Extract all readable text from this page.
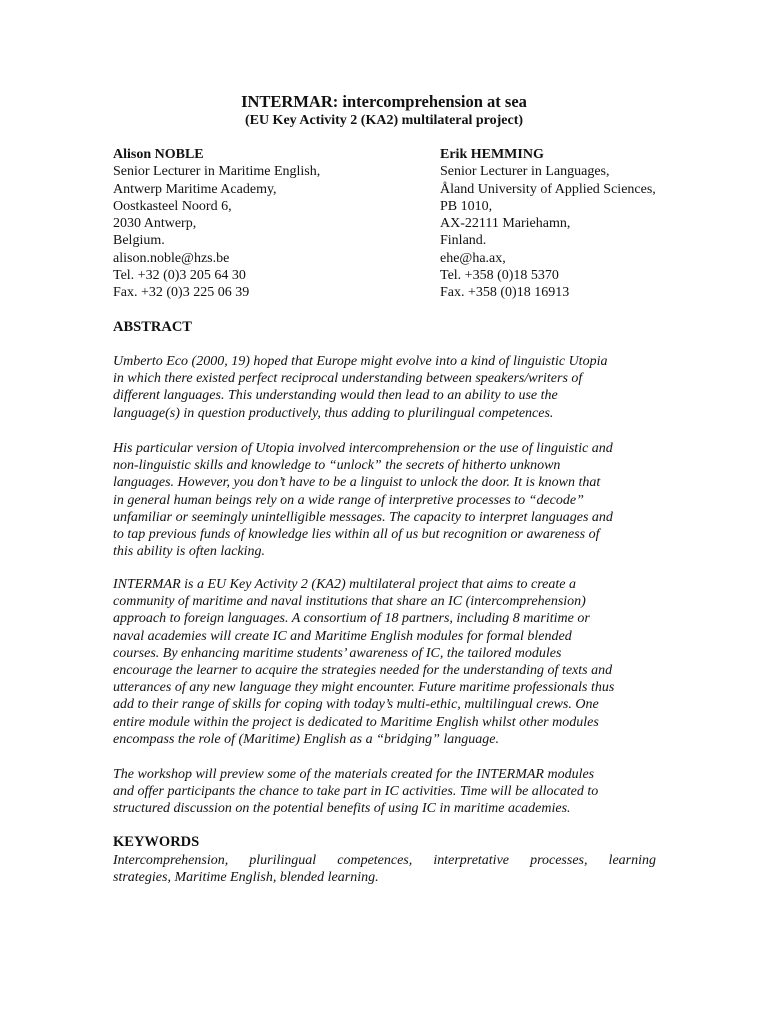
INTERMAR: intercomprehension at sea
(EU Key Activity 2 (KA2) multilateral project)
Alison NOBLE
Senior Lecturer in Maritime English,
Antwerp Maritime Academy,
Oostkasteel Noord 6,
2030 Antwerp,
Belgium.
alison.noble@hzs.be
Tel. +32 (0)3 205 64 30
Fax. +32 (0)3 225 06 39
Erik HEMMING
Senior Lecturer in Languages,
Åland University of Applied Sciences,
PB 1010,
AX-22111 Mariehamn,
Finland.
ehe@ha.ax,
Tel. +358 (0)18 5370
Fax. +358 (0)18 16913
ABSTRACT

Umberto Eco (2000, 19) hoped that Europe might evolve into a kind of linguistic Utopia
in which there existed perfect reciprocal understanding between speakers/writers of
different languages. This understanding would then lead to an ability to use the
language(s) in question productively, thus adding to plurilingual competences.

His particular version of Utopia involved intercomprehension or the use of linguistic and
non-linguistic skills and knowledge to “unlock” the secrets of hitherto unknown
languages. However, you don’t have to be a linguist to unlock the door. It is known that
in general human beings rely on a wide range of interpretive processes to “decode”
unfamiliar or seemingly unintelligible messages. The capacity to interpret languages and
to tap previous funds of knowledge lies within all of us but recognition or awareness of
this ability is often lacking.

INTERMAR is a EU Key Activity 2 (KA2) multilateral project that aims to create a
community of maritime and naval institutions that share an IC (intercomprehension)
approach to foreign languages. A consortium of 18 partners, including 8 maritime or
naval academies will create IC and Maritime English modules for formal blended
courses. By enhancing maritime students’ awareness of IC, the tailored modules
encourage the learner to acquire the strategies needed for the understanding of texts and
utterances of any new language they might encounter. Future maritime professionals thus
add to their range of skills for coping with today’s multi-ethic, multilingual crews. One
entire module within the project is dedicated to Maritime English whilst other modules
encompass the role of (Maritime) English as a “bridging” language.

The workshop will preview some of the materials created for the INTERMAR modules
and offer participants the chance to take part in IC activities. Time will be allocated to
structured discussion on the potential benefits of using IC in maritime academies.

KEYWORDS

Intercomprehension, plurilingual competences, interpretative processes, learning
strategies, Maritime English, blended learning.
